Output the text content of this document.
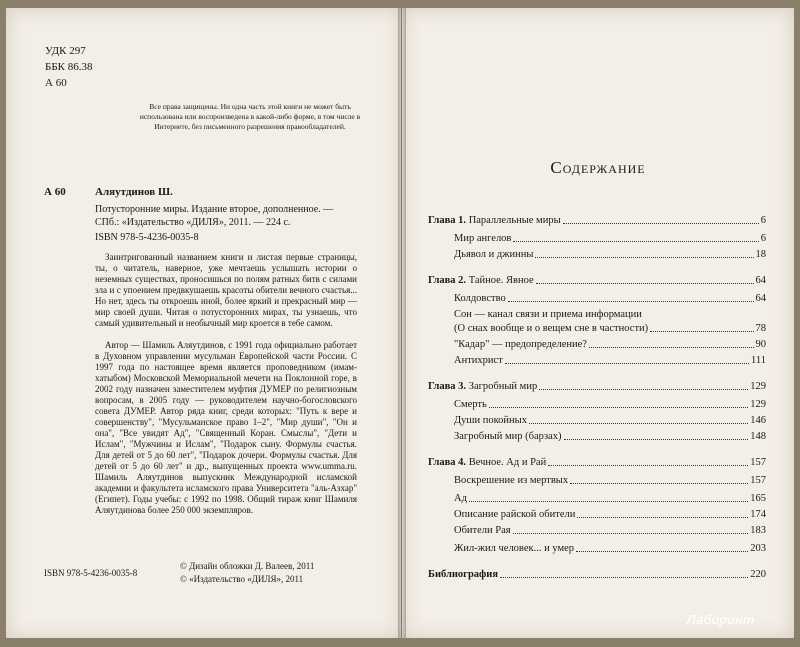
УДК 297
ББК 86.38
А 60
Все права защищены. Ни одна часть этой книги не может быть использована или воспроизведена в какой-либо форме, в том числе в Интернете, без письменного разрешения правообладателей.
А 60	Аляутдинов Ш.
Потусторонние миры. Издание второе, дополненное. — СПб.: «Издательство «ДИЛЯ», 2011. — 224 с.
ISBN 978-5-4236-0035-8
Заинтригованный названием книги и листая первые страницы, ты, о читатель, наверное, уже мечтаешь услышать истории о неземных существах, проносишься по полям ратных битв с силами зла и с упоением предвкушаешь красоты обители вечного счастья... Но нет, здесь ты откроешь иной, более яркий и прекрасный мир — мир своей души. Читая о потусторонних мирах, ты узнаешь, что самый удивительный и необычный мир кроется в тебе самом.
Автор — Шамиль Аляутдинов, с 1991 года официально работает в Духовном управлении мусульман Европейской части России. С 1997 года по настоящее время является проповедником (имам-хатыбом) Московской Мемориальной мечети на Поклонной горе, в 2002 году назначен заместителем муфтия ДУМЕР по религиозным вопросам, в 2005 году — руководителем научно-богословского совета ДУМЕР. Автор ряда книг, среди которых: "Путь к вере и совершенству", "Мусульманское право 1–2", "Мир души", "Он и она", "Все увидят Ад", "Священный Коран. Смыслы", "Дети и Ислам", "Мужчины и Ислам", "Подарок сыну. Формулы счастья. Для детей от 5 до 60 лет", "Подарок дочери. Формулы счастья. Для детей от 5 до 60 лет" и др., выпущенных проекта www.umma.ru. Шамиль Аляутдинов выпускник Международной исламской академии и факультета исламского права Университета "аль-Азхар" (Египет). Годы учебы: с 1992 по 1998. Общий тираж книг Шамиля Аляутдинова более 250 000 экземпляров.
ISBN 978-5-4236-0035-8
© Дизайн обложки Д. Валеев, 2011
© «Издательство «ДИЛЯ», 2011
Содержание
Глава 1. Параллельные миры	6
Мир ангелов	6
Дьявол и джинны	18
Глава 2. Тайное. Явное	64
Колдовство	64
Сон — канал связи и приема информации
(О снах вообще и о вещем сне в частности)	78
"Кадар" — предопределение?	90
Антихрист	111
Глава 3. Загробный мир	129
Смерть	129
Души покойных	146
Загробный мир (барзах)	148
Глава 4. Вечное. Ад и Рай	157
Воскрешение из мертвых	157
Ад	165
Описание райской обители	174
Обители Рая	183
Жил-жил человек... и умер	203
Библиография	220
Лабиринт
